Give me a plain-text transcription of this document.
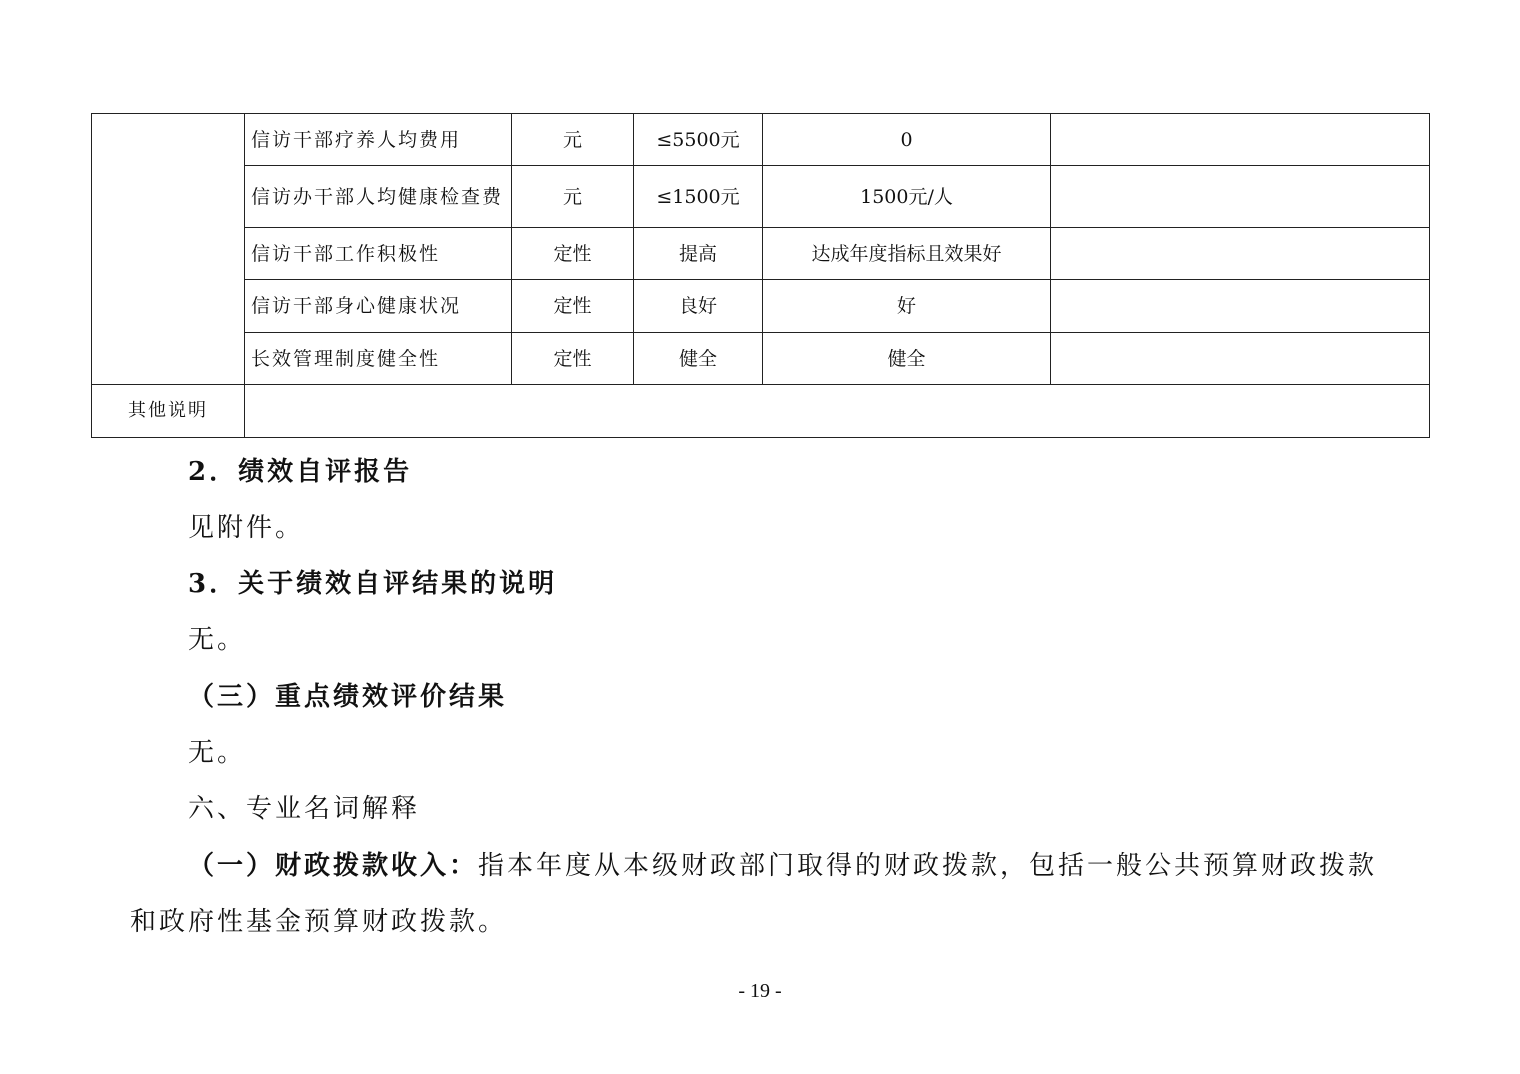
	信访干部疗养人均费用	元	≤5500元	0	
	信访办干部人均健康检查费	元	≤1500元	1500元/人	
	信访干部工作积极性	定性	提高	达成年度指标且效果好	
	信访干部身心健康状况	定性	良好	好	
	长效管理制度健全性	定性	健全	健全	
其他说明					

2．绩效自评报告

见附件。

3．关于绩效自评结果的说明

无。

（三）重点绩效评价结果

无。

六、专业名词解释

（一）财政拨款收入：指本年度从本级财政部门取得的财政拨款，包括一般公共预算财政拨款

和政府性基金预算财政拨款。

- 19 -
